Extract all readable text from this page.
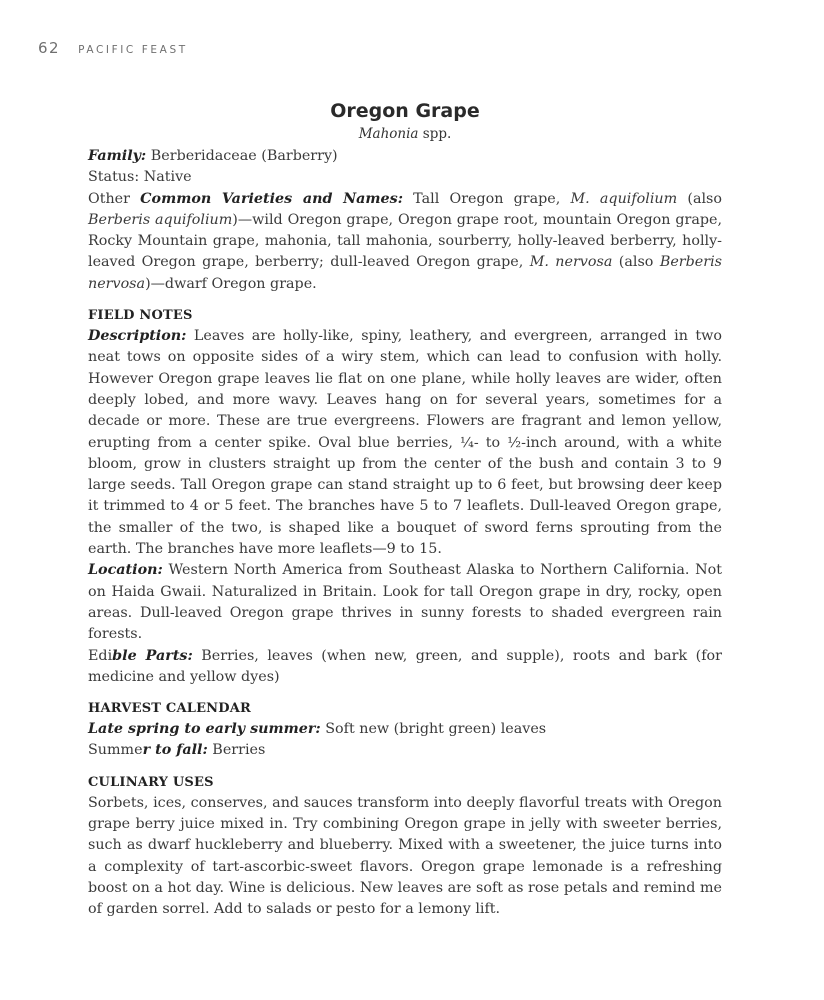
62 PACIFIC FEAST
Oregon Grape

Mahonia spp.

Family: Berberidaceae (Barberry)

Status: Native

Other Common Varieties and Names: Tall Oregon grape, M. aquifolium (also Berberis aquifolium)—wild Oregon grape, Oregon grape root, mountain Oregon grape, Rocky Mountain grape, mahonia, tall mahonia, sourberry, holly-leaved berberry, holly-leaved Oregon grape, berberry; dull-leaved Oregon grape, M. nervosa (also Berberis nervosa)—dwarf Oregon grape.

FIELD NOTES

Description: Leaves are holly-like, spiny, leathery, and evergreen, arranged in two neat tows on opposite sides of a wiry stem, which can lead to confusion with holly. However Oregon grape leaves lie flat on one plane, while holly leaves are wider, often deeply lobed, and more wavy. Leaves hang on for several years, sometimes for a decade or more. These are true evergreens. Flowers are fragrant and lemon yellow, erupting from a center spike. Oval blue berries, ¼- to ½-inch around, with a white bloom, grow in clusters straight up from the center of the bush and contain 3 to 9 large seeds. Tall Oregon grape can stand straight up to 6 feet, but browsing deer keep it trimmed to 4 or 5 feet. The branches have 5 to 7 leaflets. Dull-leaved Oregon grape, the smaller of the two, is shaped like a bouquet of sword ferns sprouting from the earth. The branches have more leaflets—9 to 15.

Location: Western North America from Southeast Alaska to Northern California. Not on Haida Gwaii. Naturalized in Britain. Look for tall Oregon grape in dry, rocky, open areas. Dull-leaved Oregon grape thrives in sunny forests to shaded evergreen rain forests.

Edible Parts: Berries, leaves (when new, green, and supple), roots and bark (for medicine and yellow dyes)

HARVEST CALENDAR

Late spring to early summer: Soft new (bright green) leaves

Summer to fall: Berries

CULINARY USES

Sorbets, ices, conserves, and sauces transform into deeply flavorful treats with Oregon grape berry juice mixed in. Try combining Oregon grape in jelly with sweeter berries, such as dwarf huckleberry and blueberry. Mixed with a sweetener, the juice turns into a complexity of tart-ascorbic-sweet flavors. Oregon grape lemonade is a refreshing boost on a hot day. Wine is delicious. New leaves are soft as rose petals and remind me of garden sorrel. Add to salads or pesto for a lemony lift.
